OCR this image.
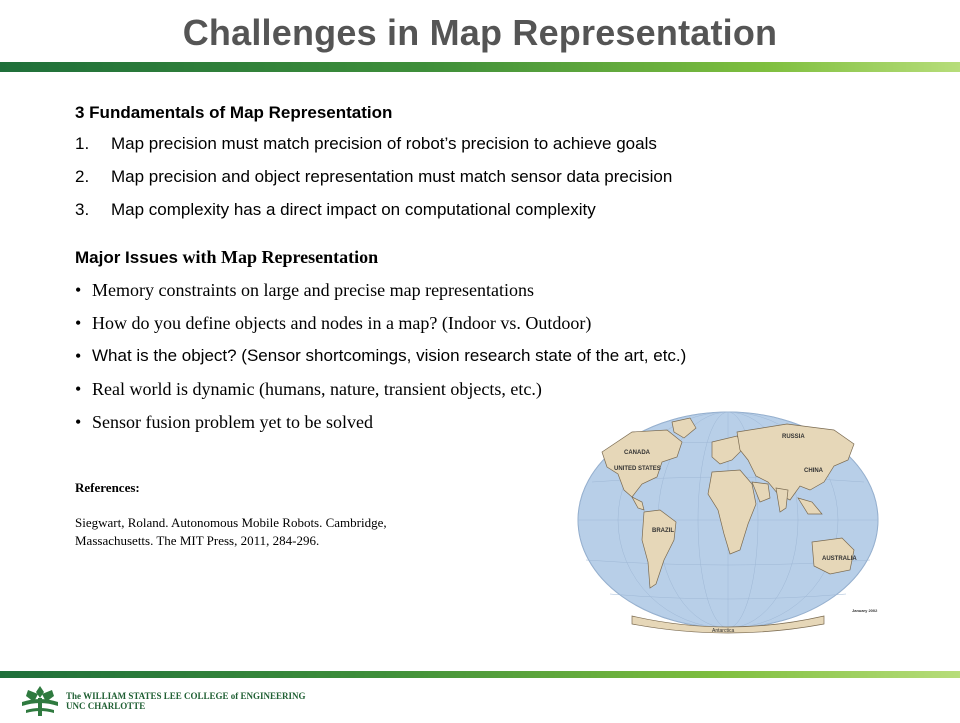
Challenges in Map Representation
3 Fundamentals of Map Representation
1.	Map precision must match precision of robot’s precision to achieve goals
2.	Map precision and object representation must match sensor data precision
3.	Map complexity has a direct impact on computational complexity
Major Issues with Map Representation
• Memory constraints on large and precise map representations
• How do you define objects and nodes in a map? (Indoor vs. Outdoor)
• What is the object? (Sensor shortcomings, vision research state of the art, etc.)
• Real world is dynamic (humans, nature, transient objects, etc.)
• Sensor fusion problem yet to be solved
References:
Siegwart, Roland. Autonomous Mobile Robots. Cambridge,
Massachusetts. The MIT Press, 2011, 284-296.
CANADA
UNITED STATES
RUSSIA
CHINA
BRAZIL
AUSTRALIA
Antarctica
January 2002
The WILLIAM STATES LEE COLLEGE of ENGINEERING
UNC CHARLOTTE
